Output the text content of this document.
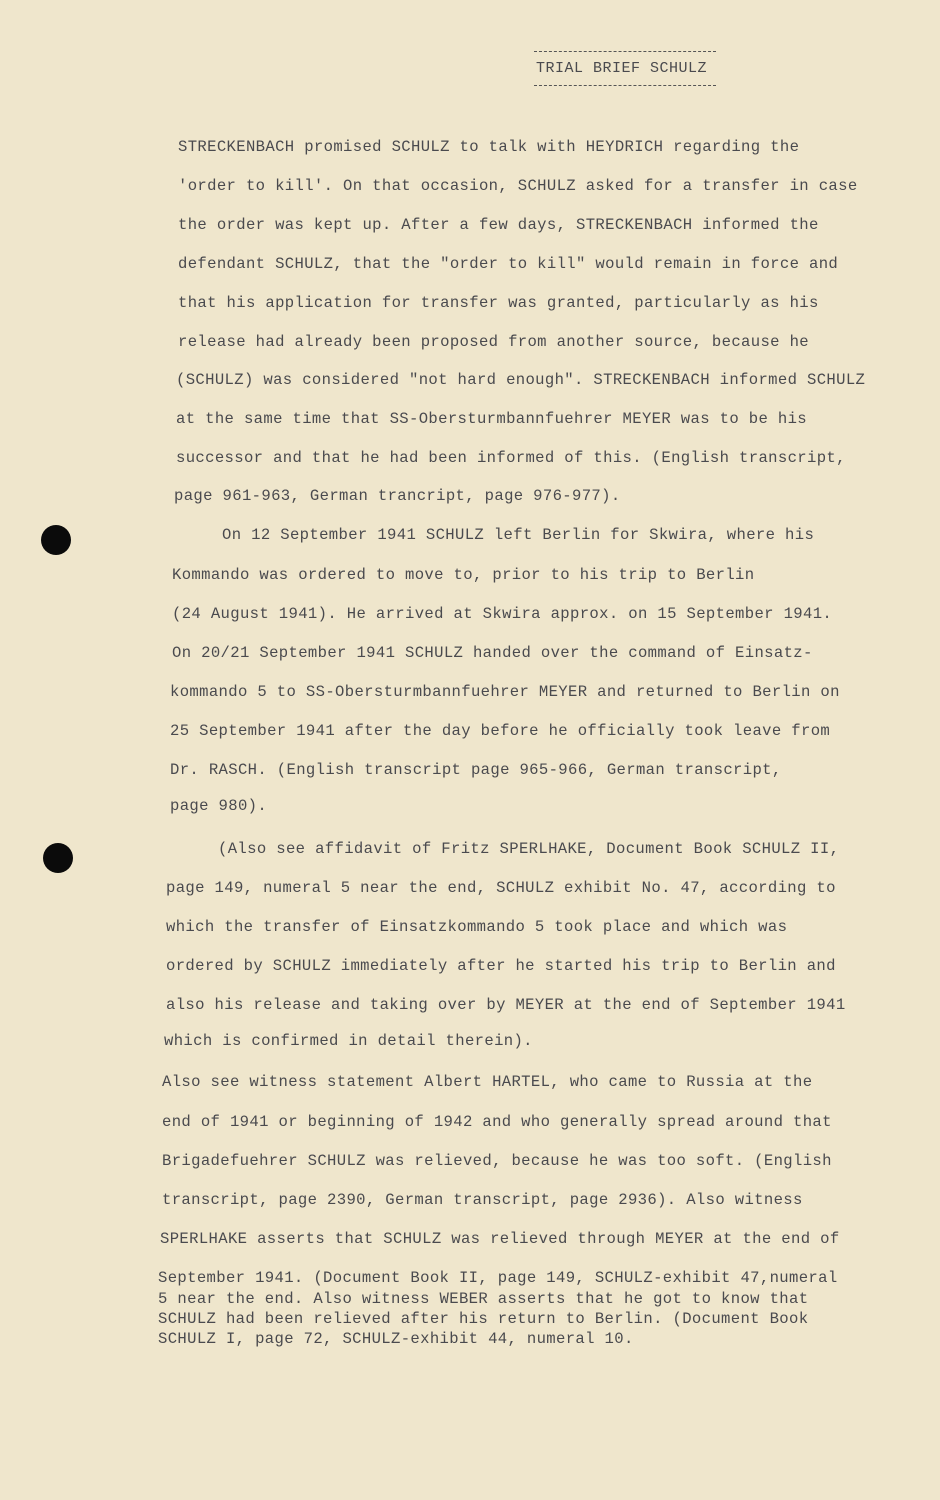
TRIAL BRIEF SCHULZ
STRECKENBACH promised SCHULZ to talk with HEYDRICH regarding the
'order to kill'. On that occasion, SCHULZ asked for a transfer in case
the order was kept up. After a few days, STRECKENBACH informed the
defendant SCHULZ, that the "order to kill" would remain in force and
that his application for transfer was granted, particularly as his
release had already been proposed from another source, because he
(SCHULZ) was considered "not hard enough". STRECKENBACH informed SCHULZ
at the same time that SS-Obersturmbannfuehrer MEYER was to be his
successor and that he had been informed of this. (English transcript,
page 961-963, German trancript, page 976-977).
On 12 September 1941 SCHULZ left Berlin for Skwira, where his
Kommando was ordered to move to, prior to his trip to Berlin
(24 August 1941). He arrived at Skwira approx. on 15 September 1941.
On 20/21 September 1941 SCHULZ handed over the command of Einsatz-
kommando 5 to SS-Obersturmbannfuehrer MEYER and returned to Berlin on
25 September 1941 after the day before he officially took leave from
Dr. RASCH. (English transcript page 965-966, German transcript,
page 980).
(Also see affidavit of Fritz SPERLHAKE, Document Book SCHULZ II,
page 149, numeral 5 near the end, SCHULZ exhibit No. 47, according to
which the transfer of Einsatzkommando 5 took place and which was
ordered by SCHULZ immediately after he started his trip to Berlin and
also his release and taking over by MEYER at the end of September 1941
which is confirmed in detail therein).
Also see witness statement Albert HARTEL, who came to Russia at the
end of 1941 or beginning of 1942 and who generally spread around that
Brigadefuehrer SCHULZ was relieved, because he was too soft. (English
transcript, page 2390, German transcript, page 2936). Also witness
SPERLHAKE asserts that SCHULZ was relieved through MEYER at the end of
September 1941. (Document Book II, page 149, SCHULZ-exhibit 47,numeral
5 near the end. Also witness WEBER asserts that he got to know that
SCHULZ had been relieved after his return to Berlin. (Document Book
SCHULZ I, page 72, SCHULZ-exhibit 44, numeral 10.
